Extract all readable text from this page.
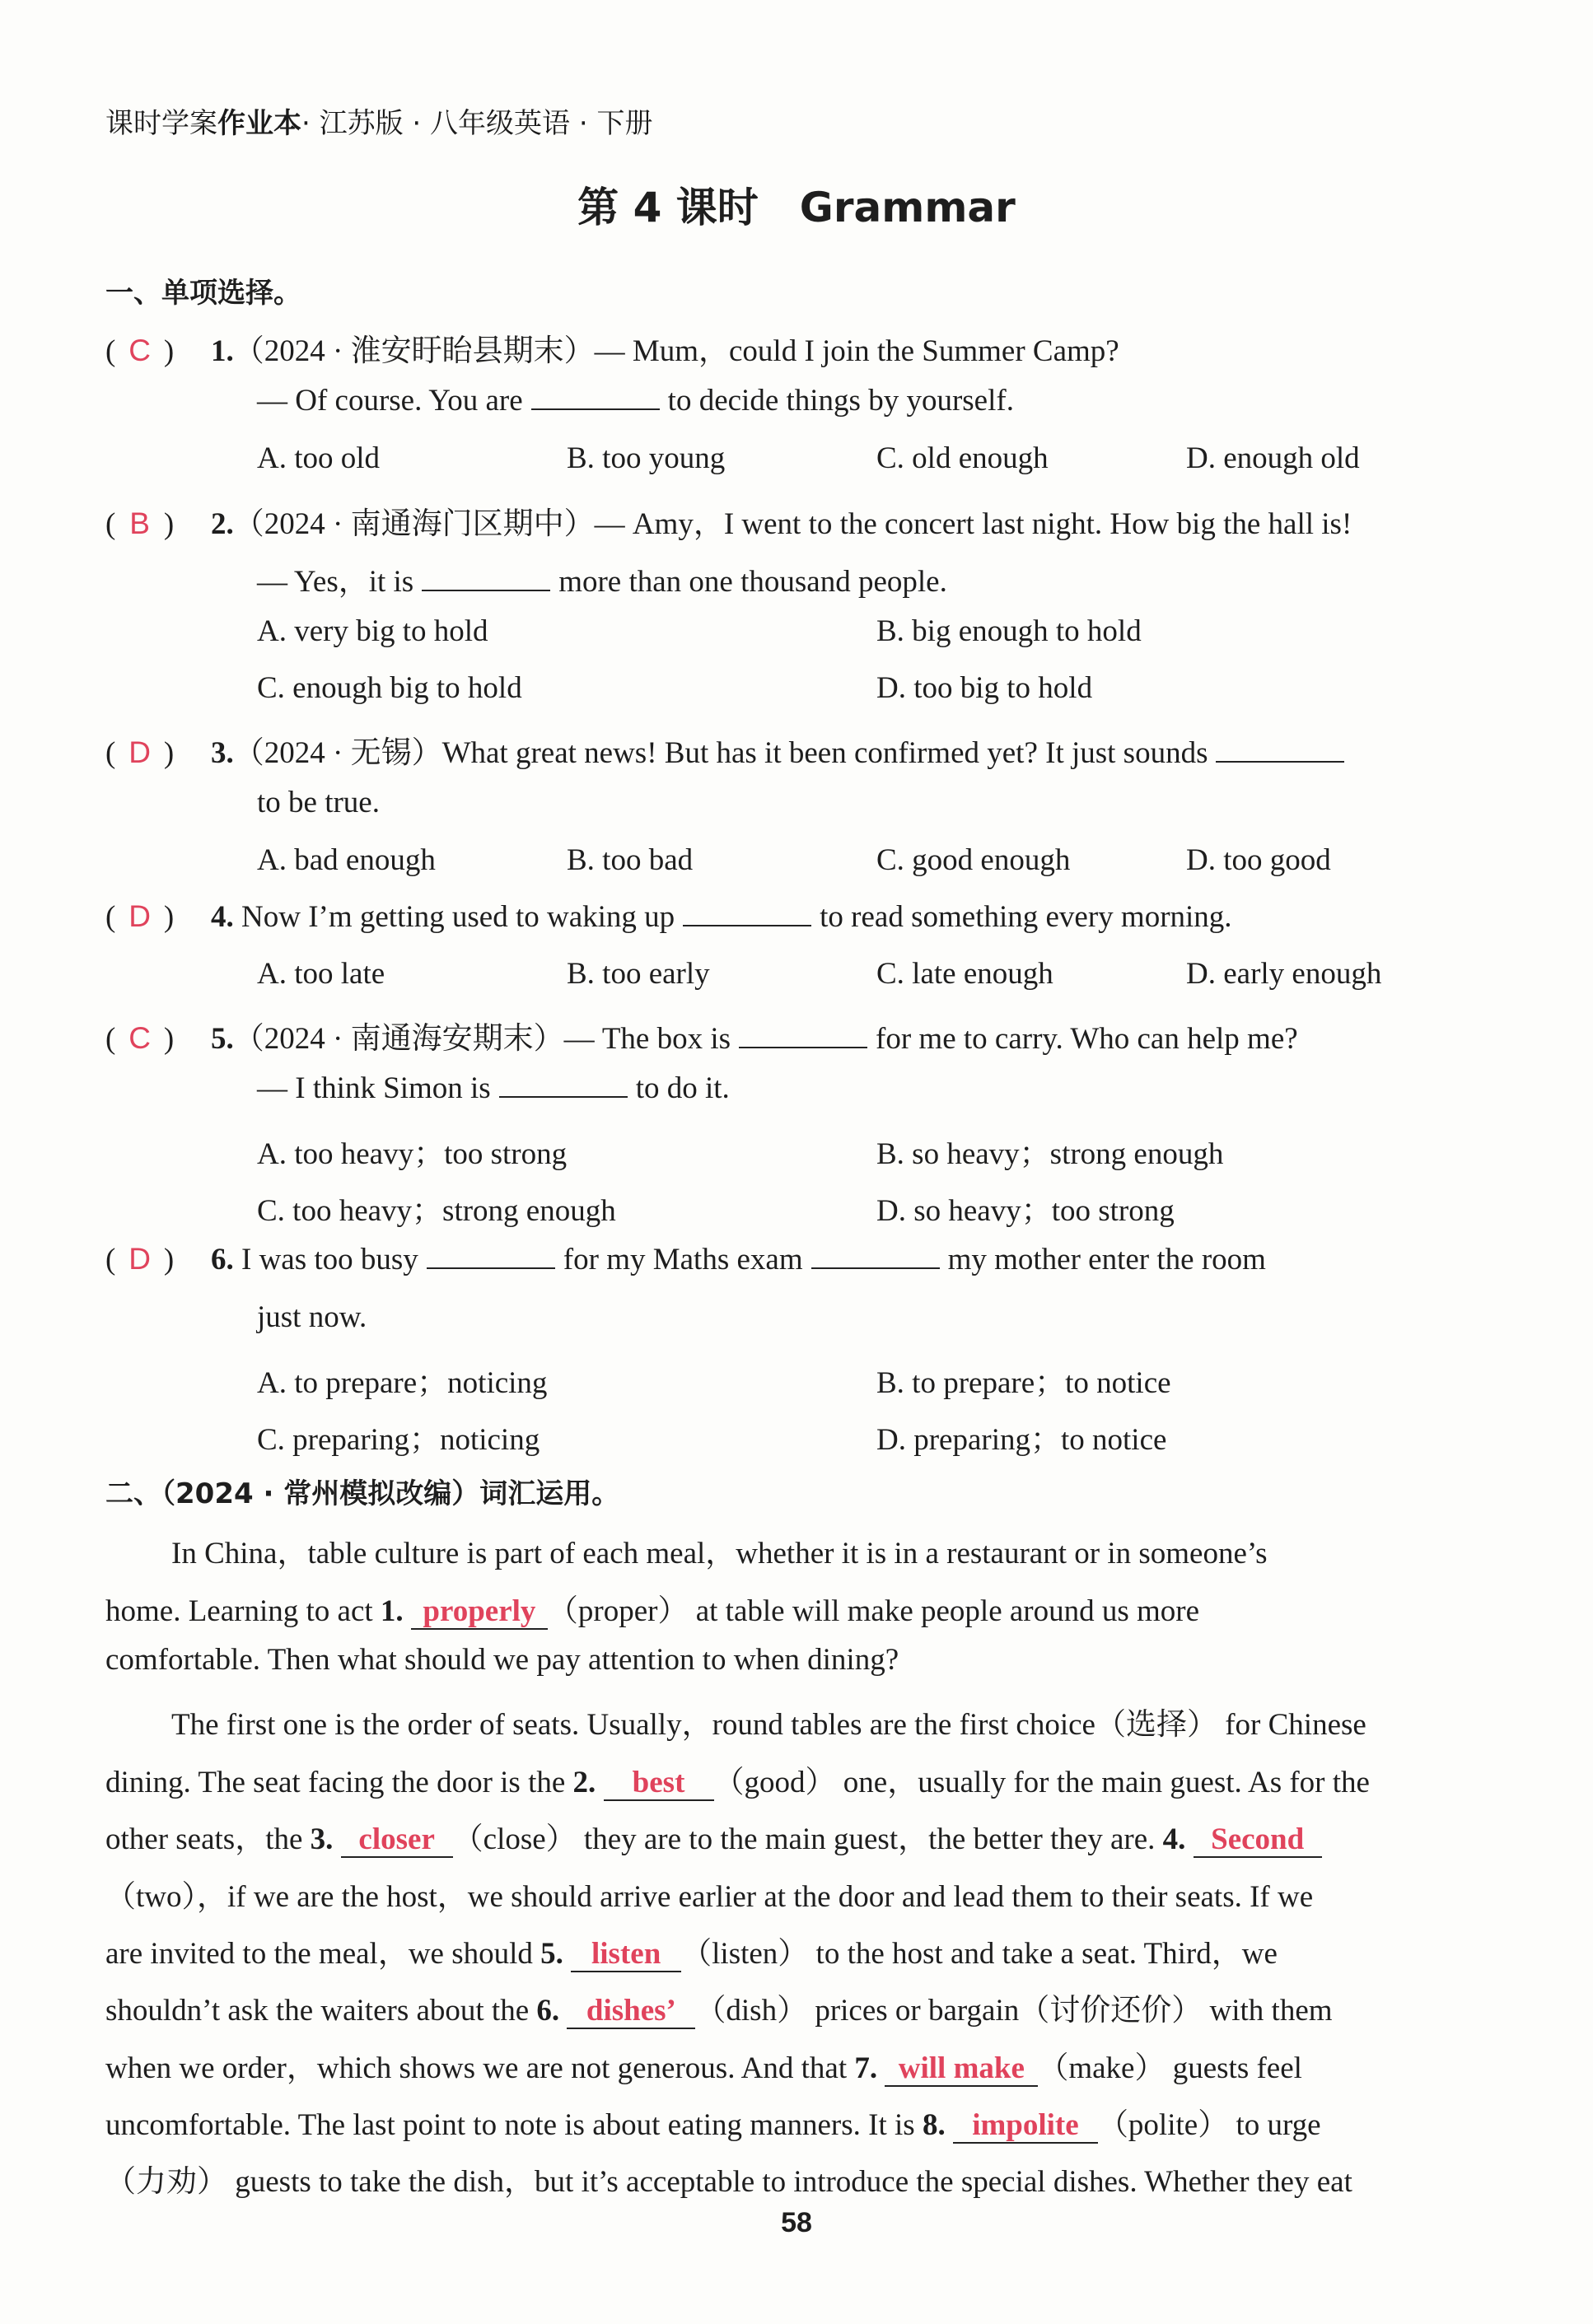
课时学案作业本· 江苏版 · 八年级英语 · 下册
第 4 课时　Grammar
一、单项选择。
( C ) 1.（2024 · 淮安盱眙县期末）— Mum，could I join the Summer Camp?
— Of course. You are	to decide things by yourself.
A. too old	B. too young	C. old enough	D. enough old
( B ) 2.（2024 · 南通海门区期中）— Amy，I went to the concert last night. How big the hall is!
— Yes，it is	more than one thousand people.
A. very big to hold	B. big enough to hold
C. enough big to hold	D. too big to hold
( D ) 3.（2024 · 无锡）What great news! But has it been confirmed yet? It just sounds
to be true.
A. bad enough	B. too bad	C. good enough	D. too good
( D ) 4. Now I’m getting used to waking up	to read something every morning.
A. too late	B. too early	C. late enough	D. early enough
( C ) 5.（2024 · 南通海安期末）— The box is	for me to carry. Who can help me?
— I think Simon is	to do it.
A. too heavy；too strong	B. so heavy；strong enough
C. too heavy；strong enough	D. so heavy；too strong
( D ) 6. I was too busy	for my Maths exam	my mother enter the room
just now.
A. to prepare；noticing	B. to prepare；to notice
C. preparing；noticing	D. preparing；to notice
二、（2024 · 常州模拟改编）词汇运用。
In China，table culture is part of each meal，whether it is in a restaurant or in someone’s
home. Learning to act 1. properly （proper） at table will make people around us more
comfortable. Then what should we pay attention to when dining?
The first one is the order of seats. Usually，round tables are the first choice（选择） for Chinese
dining. The seat facing the door is the 2. best （good） one，usually for the main guest. As for the
other seats，the 3. closer （close） they are to the main guest，the better they are. 4. Second
（two），if we are the host，we should arrive earlier at the door and lead them to their seats. If we
are invited to the meal，we should 5. listen （listen） to the host and take a seat. Third，we
shouldn’t ask the waiters about the 6. dishes’ （dish） prices or bargain（讨价还价） with them
when we order，which shows we are not generous. And that 7. will make （make） guests feel
uncomfortable. The last point to note is about eating manners. It is 8. impolite （polite） to urge
（力劝） guests to take the dish，but it’s acceptable to introduce the special dishes. Whether they eat
58
